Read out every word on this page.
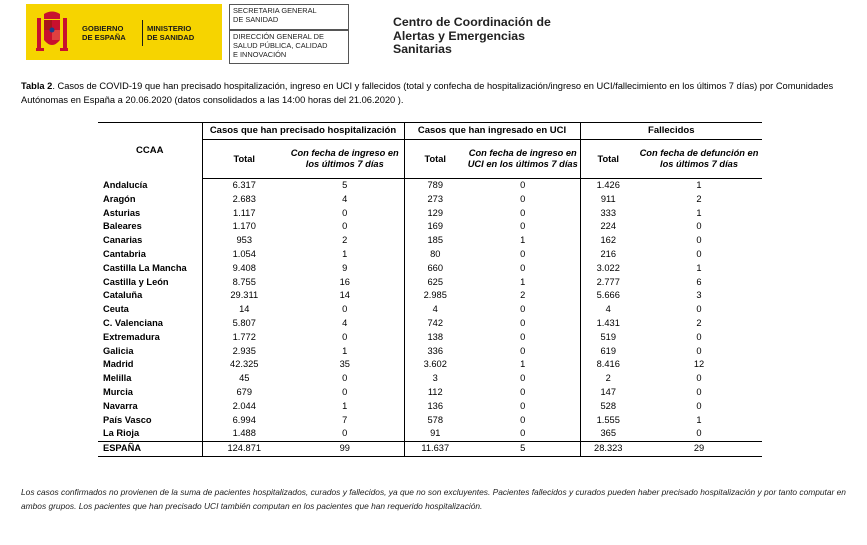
GOBIERNO
DE ESPAÑA
MINISTERIO
DE SANIDAD
SECRETARIA GENERAL
DE SANIDAD
DIRECCIÓN GENERAL DE
SALUD PÚBLICA, CALIDAD
E INNOVACIÓN
Centro de Coordinación de
Alertas y Emergencias
Sanitarias
Tabla 2. Casos de COVID-19 que han precisado hospitalización, ingreso en UCI y fallecidos (total y confecha de hospitalización/ingreso en UCI/fallecimiento en los últimos 7 días) por Comunidades Autónomas en España a 20.06.2020 (datos consolidados a las 14:00 horas del 21.06.2020 ).
CCAA	Casos que han precisado hospitalización		Casos que han ingresado en UCI		Fallecidos	
	Total	Con fecha de ingreso en los últimos 7 días	Total	Con fecha de ingreso en UCI en los últimos 7 días	Total	Con fecha de defunción en los últimos 7 días
Andalucía	6.317	5	789	0	1.426	1
Aragón	2.683	4	273	0	911	2
Asturias	1.117	0	129	0	333	1
Baleares	1.170	0	169	0	224	0
Canarias	953	2	185	1	162	0
Cantabria	1.054	1	80	0	216	0
Castilla La Mancha	9.408	9	660	0	3.022	1
Castilla y León	8.755	16	625	1	2.777	6
Cataluña	29.311	14	2.985	2	5.666	3
Ceuta	14	0	4	0	4	0
C. Valenciana	5.807	4	742	0	1.431	2
Extremadura	1.772	0	138	0	519	0
Galicia	2.935	1	336	0	619	0
Madrid	42.325	35	3.602	1	8.416	12
Melilla	45	0	3	0	2	0
Murcia	679	0	112	0	147	0
Navarra	2.044	1	136	0	528	0
País Vasco	6.994	7	578	0	1.555	1
La Rioja	1.488	0	91	0	365	0
ESPAÑA	124.871	99	11.637	5	28.323	29
Los casos confirmados no provienen de la suma de pacientes hospitalizados, curados y fallecidos, ya que no son excluyentes. Pacientes fallecidos y curados pueden haber precisado hospitalización y por tanto computar en ambos grupos. Los pacientes que han precisado UCI también computan en los pacientes que han requerido hospitalización.
